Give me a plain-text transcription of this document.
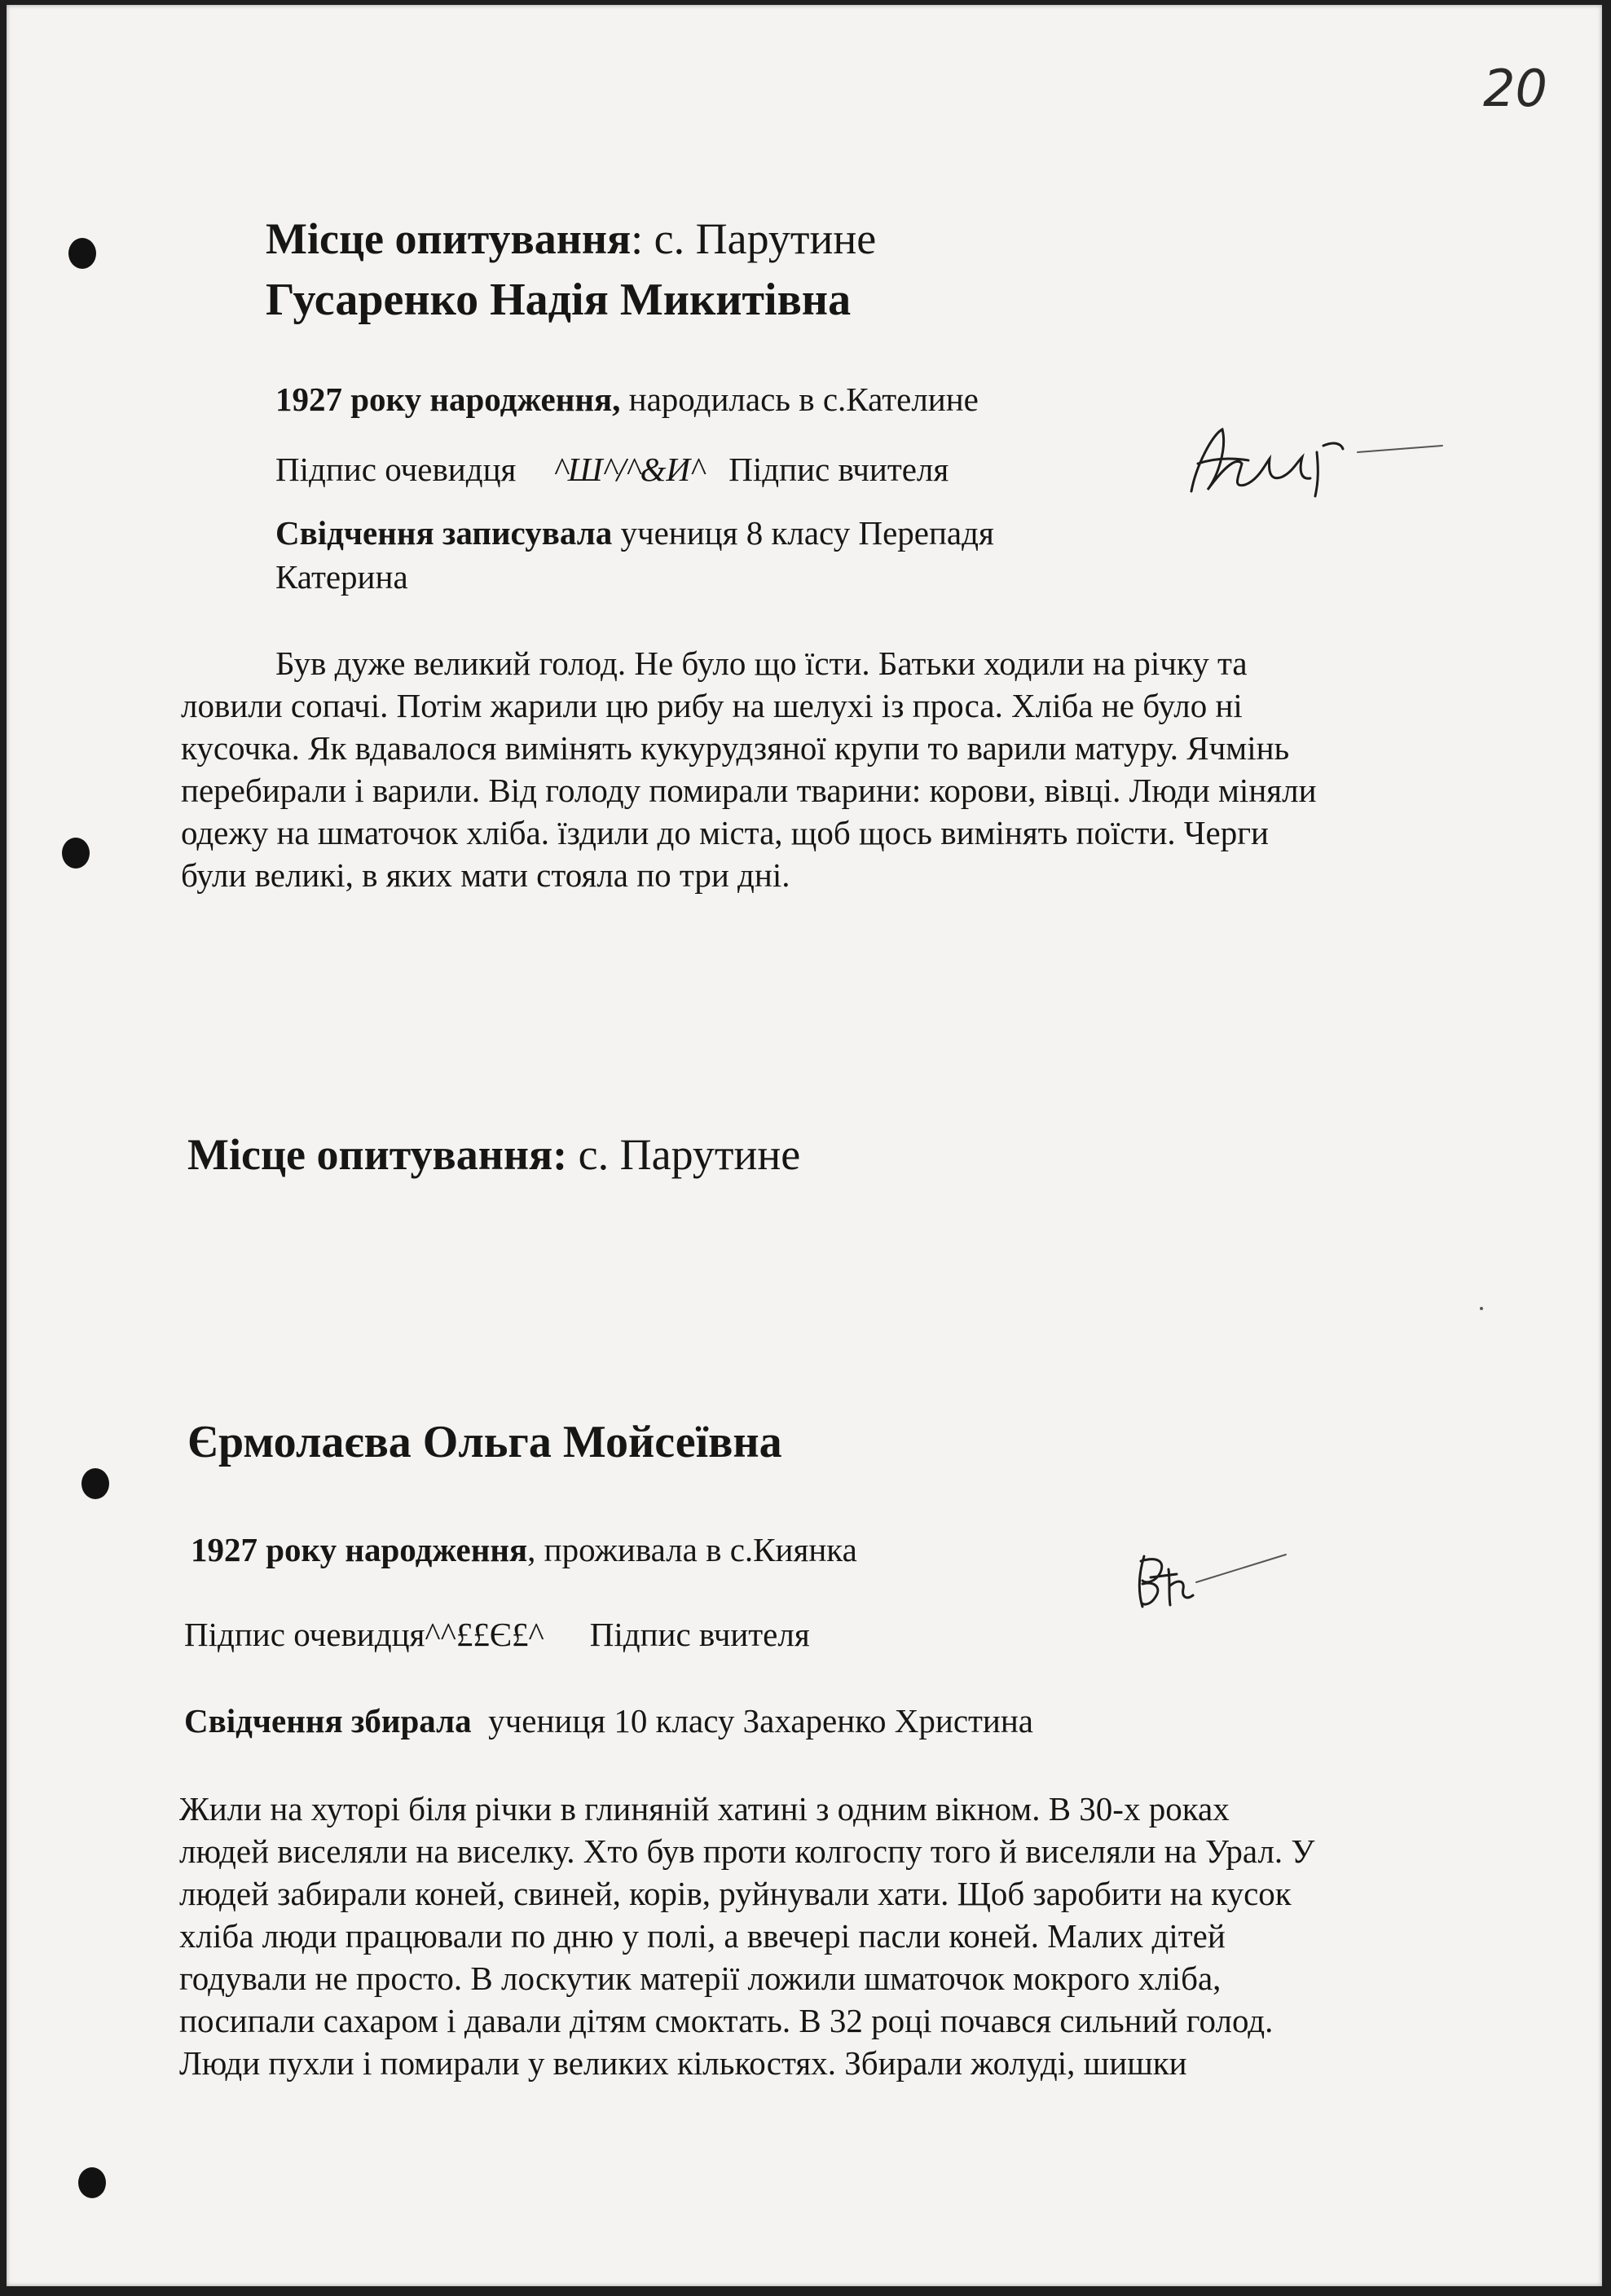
20

Місце опитування: с. Парутине

Гусаренко Надія Микитівна

1927 року народження, народилась в с.Кателине

Підпис очевидця ^Ш^/^&И^ Підпис вчителя

Свідчення записувала учениця 8 класу Перепадя

Катерина

Був дуже великий голод. Не було що їсти. Батьки ходили на річку та
ловили сопачі. Потім жарили цю рибу на шелухі із проса. Хліба не було ні
кусочка. Як вдавалося вимінять кукурудзяної крупи то варили матуру. Ячмінь
перебирали і варили. Від голоду помирали тварини: корови, вівці. Люди міняли
одежу на шматочок хліба. їздили до міста, щоб щось вимінять поїсти. Черги
були великі, в яких мати стояла по три дні.

Місце опитування: с. Парутине

Єрмолаєва Ольга Мойсеївна

1927 року народження, проживала в с.Киянка

Підпис очевидця^^££Є£^ Підпис вчителя

Свідчення збирала  учениця 10 класу Захаренко Христина

Жили на хуторі біля річки в глиняній хатині з одним вікном. В 30-х роках
людей виселяли на виселку. Хто був проти колгоспу того й виселяли на Урал. У
людей забирали коней, свиней, корів, руйнували хати. Щоб заробити на кусок
хліба люди працювали по дню у полі, а ввечері пасли коней. Малих дітей
годували не просто. В лоскутик матерії ложили шматочок мокрого хліба,
посипали сахаром і давали дітям смоктать. В 32 році почався сильний голод.
Люди пухли і помирали у великих кількостях. Збирали жолуді, шишки
